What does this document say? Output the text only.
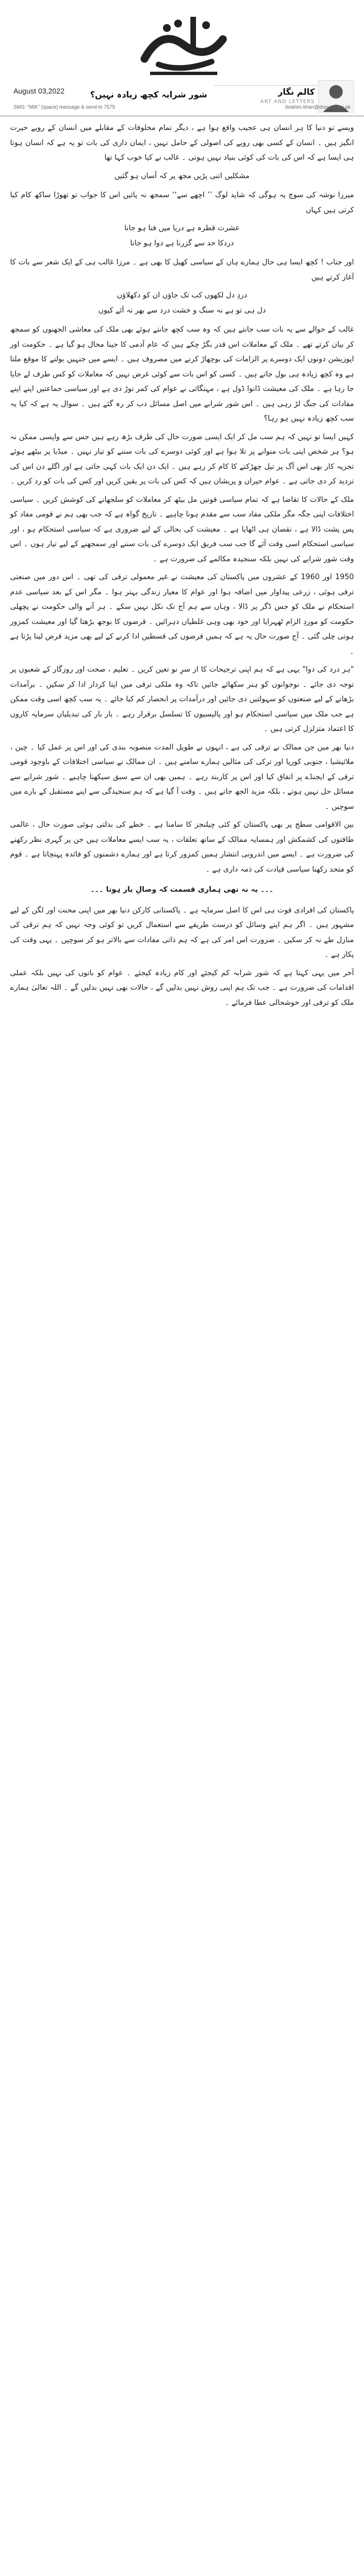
شور شرابہ کچھ زیادہ نہیں؟	کالم نگار
ART AND LETTERS
August 03,2022
SMS: "MIK" (space) message & send to 7575	ibrahim.khan@dunya.com.pk

ویسے تو دنیا کا ہر انسان ہی عجیب واقع ہوا ہے ، دیگر تمام مخلوقات کے مقابلے میں انسان کے رویے حیرت انگیز ہیں ۔ انسان کے کسی بھی رویے کی اصولی کے حامل نہیں ، ایمان داری کی بات تو یہ ہے کہ انسان ہوتا ہی ایسا ہے کہ اس کی بات کی کوئی بنیاد نہیں ہوتی ۔ غالب نے کیا خوب کہا تھا

مشکلیں اتنی پڑیں مجھ پر کہ آساں ہو گئیں

میرزا نوشہ کی سوچ یہ ہوگی کہ شاید لوگ ’’ اچھے سے‘‘ سمجھ نہ پائیں اس کا جواب تو تھوڑا ساکھ کام کیا کرتی ہیں کہاں

عشرت قطرہ ہے دریا میں فنا ہو جانا
دردکا حد سے گزرنا ہے دوا ہو جانا

اور جناب ! کچھ ایسا ہی حال ہمارے ہاں کے سیاسی کھیل کا بھی ہے ۔ مرزا غالب ہی کے ایک شعر سے بات کا آغاز کرتے ہیں

دردِ دل لکھوں کب تک جاؤں ان کو دکھلاؤں
دل ہی تو ہے نہ سنگ و خشت درد سے بھر نہ آئے کیوں

غالب کے حوالے سے یہ بات سب جانتے ہیں کہ وہ سب کچھ جانتے ہوئے بھی ملک کی معاشی الجھنوں کو سمجھ کر بیان کرتے تھے ۔ ملک کے معاملات اس قدر بگڑ چکے ہیں کہ عام آدمی کا جینا محال ہو گیا ہے ۔ حکومت اور اپوزیشن دونوں ایک دوسرے پر الزامات کی بوچھاڑ کرنے میں مصروف ہیں ۔ ایسے میں جنہیں بولنے کا موقع ملتا ہے وہ کچھ زیادہ ہی بول جاتے ہیں ۔ کسی کو اس بات سے کوئی غرض نہیں کہ معاملات کو کس طرف لے جایا جا رہا ہے ۔ ملک کی معیشت ڈانوا ڈول ہے ، مہنگائی نے عوام کی کمر توڑ دی ہے اور سیاسی جماعتیں اپنے اپنے مفادات کی جنگ لڑ رہی ہیں ۔ اس شور شرابے میں اصل مسائل دب کر رہ گئے ہیں ۔ سوال یہ ہے کہ کیا یہ سب کچھ زیادہ نہیں ہو رہا؟

کہیں ایسا تو نہیں کہ ہم سب مل کر ایک ایسی صورت حال کی طرف بڑھ رہے ہیں جس سے واپسی ممکن نہ ہو؟ ہر شخص اپنی بات منوانے پر تلا ہوا ہے اور کوئی دوسرے کی بات سننے کو تیار نہیں ۔ میڈیا پر بیٹھے ہوئے تجزیہ کار بھی اس آگ پر تیل چھڑکنے کا کام کر رہے ہیں ۔ ایک دن ایک بات کہی جاتی ہے اور اگلے دن اس کی تردید کر دی جاتی ہے ۔ عوام حیران و پریشان ہیں کہ کس کی بات پر یقین کریں اور کس کی بات کو رد کریں ۔

ملک کے حالات کا تقاضا ہے کہ تمام سیاسی قوتیں مل بیٹھ کر معاملات کو سلجھانے کی کوشش کریں ۔ سیاسی اختلافات اپنی جگہ مگر ملکی مفاد سب سے مقدم ہونا چاہیے ۔ تاریخ گواہ ہے کہ جب بھی ہم نے قومی مفاد کو پس پشت ڈالا ہے ، نقصان ہی اٹھایا ہے ۔ معیشت کی بحالی کے لیے ضروری ہے کہ سیاسی استحکام ہو ، اور سیاسی استحکام اسی وقت آئے گا جب سب فریق ایک دوسرے کی بات سننے اور سمجھنے کے لیے تیار ہوں ۔ اس وقت شور شرابے کی نہیں بلکہ سنجیدہ مکالمے کی ضرورت ہے ۔

1950 اور 1960 کے عشروں میں پاکستان کی معیشت نے غیر معمولی ترقی کی تھی ۔ اس دور میں صنعتی ترقی ہوئی ، زرعی پیداوار میں اضافہ ہوا اور عوام کا معیار زندگی بہتر ہوا ۔ مگر اس کے بعد سیاسی عدم استحکام نے ملک کو جس ڈگر پر ڈالا ، وہاں سے ہم آج تک نکل نہیں سکے ۔ ہر آنے والی حکومت نے پچھلی حکومت کو موردِ الزام ٹھہرایا اور خود بھی وہی غلطیاں دہرائیں ۔ قرضوں کا بوجھ بڑھتا گیا اور معیشت کمزور ہوتی چلی گئی ۔ آج صورت حال یہ ہے کہ ہمیں قرضوں کی قسطیں ادا کرنے کے لیے بھی مزید قرض لینا پڑتا ہے ۔

"ہر درد کی دوا" یہی ہے کہ ہم اپنی ترجیحات کا از سرِ نو تعین کریں ۔ تعلیم ، صحت اور روزگار کے شعبوں پر توجہ دی جائے ۔ نوجوانوں کو ہنر سکھائے جائیں تاکہ وہ ملکی ترقی میں اپنا کردار ادا کر سکیں ۔ برآمدات بڑھانے کے لیے صنعتوں کو سہولتیں دی جائیں اور درآمدات پر انحصار کم کیا جائے ۔ یہ سب کچھ اسی وقت ممکن ہے جب ملک میں سیاسی استحکام ہو اور پالیسیوں کا تسلسل برقرار رہے ۔ بار بار کی تبدیلیاں سرمایہ کاروں کا اعتماد متزلزل کرتی ہیں ۔

دنیا بھر میں جن ممالک نے ترقی کی ہے ، انہوں نے طویل المدت منصوبہ بندی کی اور اس پر عمل کیا ۔ چین ، ملائیشیا ، جنوبی کوریا اور ترکی کی مثالیں ہمارے سامنے ہیں ۔ ان ممالک نے سیاسی اختلافات کے باوجود قومی ترقی کے ایجنڈے پر اتفاق کیا اور اس پر کاربند رہے ۔ ہمیں بھی ان سے سبق سیکھنا چاہیے ۔ شور شرابے سے مسائل حل نہیں ہوتے ، بلکہ مزید الجھ جاتے ہیں ۔ وقت آ گیا ہے کہ ہم سنجیدگی سے اپنے مستقبل کے بارے میں سوچیں ۔

بین الاقوامی سطح پر بھی پاکستان کو کئی چیلنجز کا سامنا ہے ۔ خطے کی بدلتی ہوئی صورت حال ، عالمی طاقتوں کی کشمکش اور ہمسایہ ممالک کے ساتھ تعلقات ، یہ سب ایسے معاملات ہیں جن پر گہری نظر رکھنے کی ضرورت ہے ۔ ایسے میں اندرونی انتشار ہمیں کمزور کرتا ہے اور ہمارے دشمنوں کو فائدہ پہنچاتا ہے ۔ قوم کو متحد رکھنا سیاسی قیادت کی ذمہ داری ہے ۔

۔۔۔ یہ نہ تھی ہماری قسمت کہ وصالِ یار ہوتا ۔۔۔

پاکستان کی افرادی قوت ہی اس کا اصل سرمایہ ہے ۔ پاکستانی کارکن دنیا بھر میں اپنی محنت اور لگن کے لیے مشہور ہیں ۔ اگر ہم اپنے وسائل کو درست طریقے سے استعمال کریں تو کوئی وجہ نہیں کہ ہم ترقی کی منازل طے نہ کر سکیں ۔ ضرورت اس امر کی ہے کہ ہم ذاتی مفادات سے بالاتر ہو کر سوچیں ۔ یہی وقت کی پکار ہے ۔

آخر میں یہی کہنا ہے کہ شور شرابہ کم کیجئے اور کام زیادہ کیجئے ۔ عوام کو باتوں کی نہیں بلکہ عملی اقدامات کی ضرورت ہے ۔ جب تک ہم اپنی روش نہیں بدلیں گے ، حالات بھی نہیں بدلیں گے ۔ اللہ تعالیٰ ہمارے ملک کو ترقی اور خوشحالی عطا فرمائے ۔
